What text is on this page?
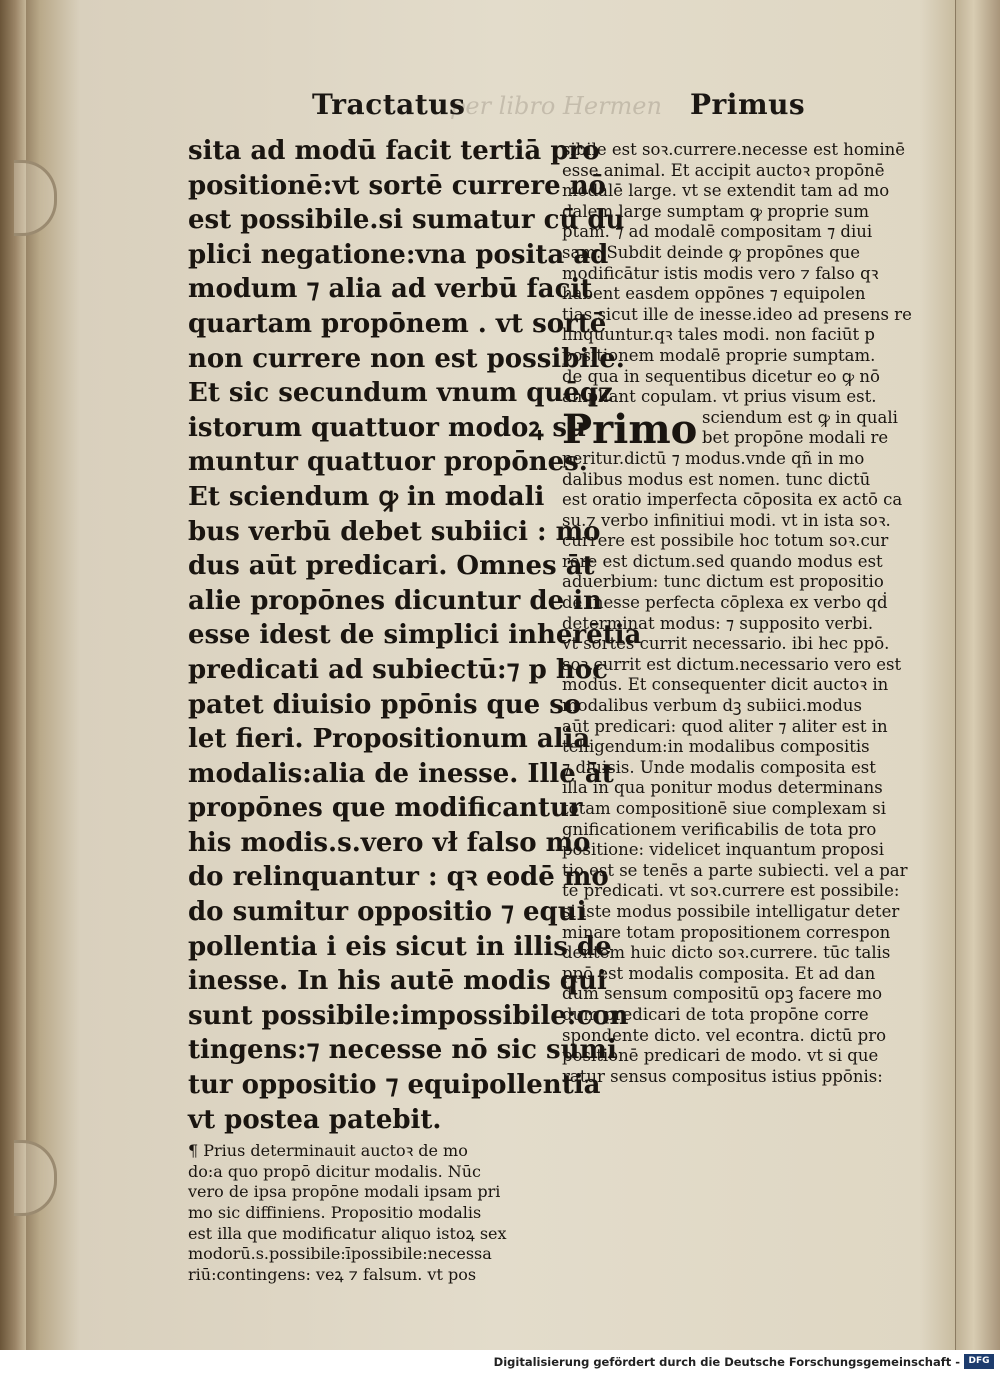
Tractatus
per libro Hermen Primus
sita ad modū facit tertiā pro
positionē:vt sortē currere nō
est possibile.si sumatur cū du
plici negatione:vna posita ad
modum ⁊ alia ad verbū facit
quartam propōnem . vt sortē
non currere non est possibile.
Et sic secundum vnum quēqz
istorum quattuor modoꝝ su
muntur quattuor propōnes.
Et sciendum ꝙ in modali
bus verbū debet subiici : mo
dus aūt predicari. Omnes āt
alie propōnes dicuntur de in
esse idest de simplici inherētia
predicati ad subiectū:⁊ p hoc
patet diuisio ppōnis que so
let fieri. Propositionum alia
modalis:alia de inesse. Ille āt
propōnes que modificantur
his modis.s.vero vł falso mo
do relinquantur : qꝛ eodē mo
do sumitur oppositio ⁊ equi
pollentia i eis sicut in illis de
inesse. In his autē modis qui
sunt possibile:impossibile:con
tingens:⁊ necesse nō sic sumi
tur oppositio ⁊ equipollentia
vt postea patebit.
¶ Prius determinauit auctoꝛ de mo
do:a quo propō dicitur modalis. Nūc
vero de ipsa propōne modali ipsam pri
mo sic diffiniens. Propositio modalis
est illa que modificatur aliquo istoꝝ sex
modorū.s.possibile:īpossibile:necessa
riū:contingens: veꝝ ⁊ falsum. vt pos
sibile est soꝛ.currere.necesse est hominē
esse animal. Et accipit auctoꝛ propōnē
modalē large. vt se extendit tam ad mo
dalem large sumptam ꝙ proprie sum
ptam. ⁊ ad modalē compositam ⁊ diui
sam. Subdit deinde ꝙ propōnes que
modificātur istis modis vero ⁊ falso qꝛ
habent easdem oppōnes ⁊ equipolen
tias sicut ille de inesse.ideo ad presens re
linquuntur.qꝛ tales modi. non faciūt p
positionem modalē proprie sumptam.
de qua in sequentibus dicetur eo ꝙ nō
ampliant copulam. vt prius visum est.
Primo sciendum est ꝙ in quali
bet propōne modali re
peritur.dictū ⁊ modus.vnde qñ in mo
dalibus modus est nomen. tunc dictū
est oratio imperfecta cōposita ex actō ca
su.⁊ verbo infinitiui modi. vt in ista soꝛ.
currere est possibile hoc totum soꝛ.cur
rere est dictum.sed quando modus est
aduerbium: tunc dictum est propositio
de inesse perfecta cōplexa ex verbo qḋ
determinat modus: ⁊ supposito verbi.
vt sortes currit necessario. ibi hec ppō.
soꝛ.currit est dictum.necessario vero est
modus. Et consequenter dicit auctoꝛ in
modalibus verbum dꝫ subiici.modus
aūt predicari: quod aliter ⁊ aliter est in
telligendum:in modalibus compositis
⁊ diuisis. Unde modalis composita est
illa in qua ponitur modus determinans
totam compositionē siue complexam si
gnificationem verificabilis de tota pro
positione: videlicet inquantum proposi
tio est se tenēs a parte subiecti. vel a par
te predicati. vt soꝛ.currere est possibile:
si iste modus possibile intelligatur deter
minare totam propositionem correspon
dentem huic dicto soꝛ.currere. tūc talis
ppō est modalis composita. Et ad dan
dum sensum compositū opꝫ facere mo
dum predicari de tota propōne corre
spondente dicto. vel econtra. dictū pro
positionē predicari de modo. vt si que
ratur sensus compositus istius ppōnis:
Digitalisierung gefördert durch die Deutsche Forschungsgemeinschaft - DFG
